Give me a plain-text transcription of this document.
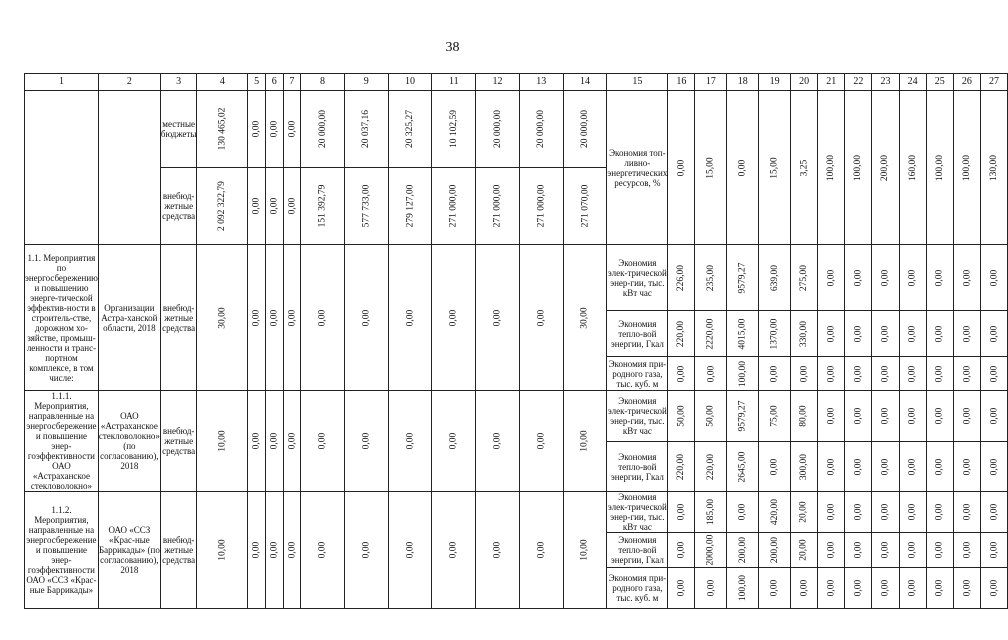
38
1	2	3	4	5	6	7	8	9	10	11	12	13	14	15	16	17	18	19	20	21	22	23	24	25	26	27
		местные бюджеты	130 465,02	0,00	0,00	0,00	20 000,00	20 037,16	20 325,27	10 102,59	20 000,00	20 000,00	20 000,00	Экономия топ-ливно-энергетических ресурсов, %	0,00	15,00	0,00	15,00	3,25	100,00	100,00	200,00	160,00	100,00	100,00	130,00

		внебюд-жетные средства	2 092 322,79	0,00	0,00	0,00	151 392,79	577 733,00	279 127,00	271 000,00	271 000,00	271 000,00	271 070,00													

1.1. Мероприятия по энергосбережению и повышению энерге-тической эффектив-ности в строитель-стве, дорожном хо-зяйстве, промыш-ленности и транс-портном комплексе, в том числе:	Организации Астра-ханской области, 2018	внебюд-жетные средства	30,00	0,00	0,00	0,00	0,00	0,00	0,00	0,00	0,00	0,00	30,00	Экономия элек-трической энер-гии, тыс. кВт час	226,00	235,00	9579,27	639,00	275,00	0,00	0,00	0,00	0,00	0,00	0,00	0,00

														Экономия тепло-вой энергии, Гкал	220,00	2220,00	4015,00	1370,00	330,00	0,00	0,00	0,00	0,00	0,00	0,00	0,00

														Экономия при-родного газа, тыс. куб. м	0,00	0,00	100,00	0,00	0,00	0,00	0,00	0,00	0,00	0,00	0,00	0,00

1.1.1. Мероприятия, направленные на энергосбережение и повышение энер-гоэффективности ОАО «Астраханское стекловолокно»	ОАО «Астраханское стекловолокно» (по согласованию), 2018	внебюд-жетные средства	10,00	0,00	0,00	0,00	0,00	0,00	0,00	0,00	0,00	0,00	10,00	Экономия элек-трической энер-гии, тыс. кВт час	50,00	50,00	9579,27	75,00	80,00	0,00	0,00	0,00	0,00	0,00	0,00	0,00

														Экономия тепло-вой энергии, Гкал	220,00	220,00	2645,00	0,00	300,00	0,00	0,00	0,00	0,00	0,00	0,00	0,00

1.1.2. Мероприятия, направленные на энергосбережение и повышение энер-гоэффективности ОАО «ССЗ «Крас-ные Баррикады»	ОАО «ССЗ «Крас-ные Баррикады» (по согласованию), 2018	внебюд-жетные средства	10,00	0,00	0,00	0,00	0,00	0,00	0,00	0,00	0,00	0,00	10,00	Экономия элек-трической энер-гии, тыс. кВт час	0,00	185,00	0,00	420,00	20,00	0,00	0,00	0,00	0,00	0,00	0,00	0,00

														Экономия тепло-вой энергии, Гкал	0,00	2000,00	200,00	200,00	20,00	0,00	0,00	0,00	0,00	0,00	0,00	0,00

														Экономия при-родного газа, тыс. куб. м	0,00	0,00	100,00	0,00	0,00	0,00	0,00	0,00	0,00	0,00	0,00	0,00
